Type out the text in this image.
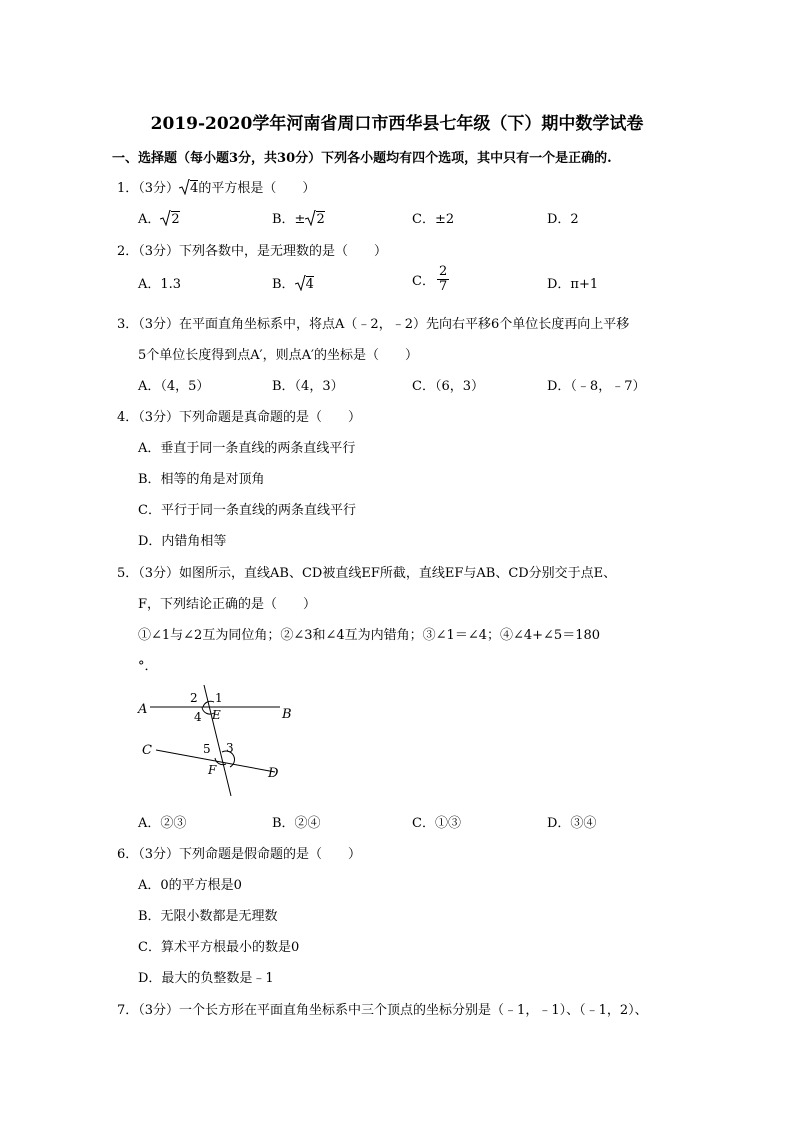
2019-2020学年河南省周口市西华县七年级（下）期中数学试卷
一、选择题（每小题3分，共30分）下列各小题均有四个选项，其中只有一个是正确的.
1．（3分） 4的平方根是（　　）
A． 2	B．± 2	C．±2	D．2
2．（3分）下列各数中，是无理数的是（　　）
A．1.3	B． 4	C． $\frac{2}{7}$	D．π+1
3．（3分）在平面直角坐标系中，将点A（﹣2，﹣2）先向右平移6个单位长度再向上平移
5个单位长度得到点A′，则点A′的坐标是（　　）
A．（4，5）	B．（4，3）	C．（6，3）	D．（﹣8，﹣7）
4．（3分）下列命题是真命题的是（　　）
A．垂直于同一条直线的两条直线平行
B．相等的角是对顶角
C．平行于同一条直线的两条直线平行
D．内错角相等
5．（3分）如图所示，直线AB、CD被直线EF所截，直线EF与AB、CD分别交于点E、
F，下列结论正确的是（　　）
①∠1与∠2互为同位角；②∠3和∠4互为内错角；③∠1＝∠4；④∠4+∠5＝180
°．
A	B
C
D
E
F
1
2
3
4
5
A．②③	B．②④	C．①③	D．③④
6．（3分）下列命题是假命题的是（　　）
A．0的平方根是0
B．无限小数都是无理数
C．算术平方根最小的数是0
D．最大的负整数是﹣1
7．（3分）一个长方形在平面直角坐标系中三个顶点的坐标分别是（﹣1，﹣1）、（﹣1，2）、
